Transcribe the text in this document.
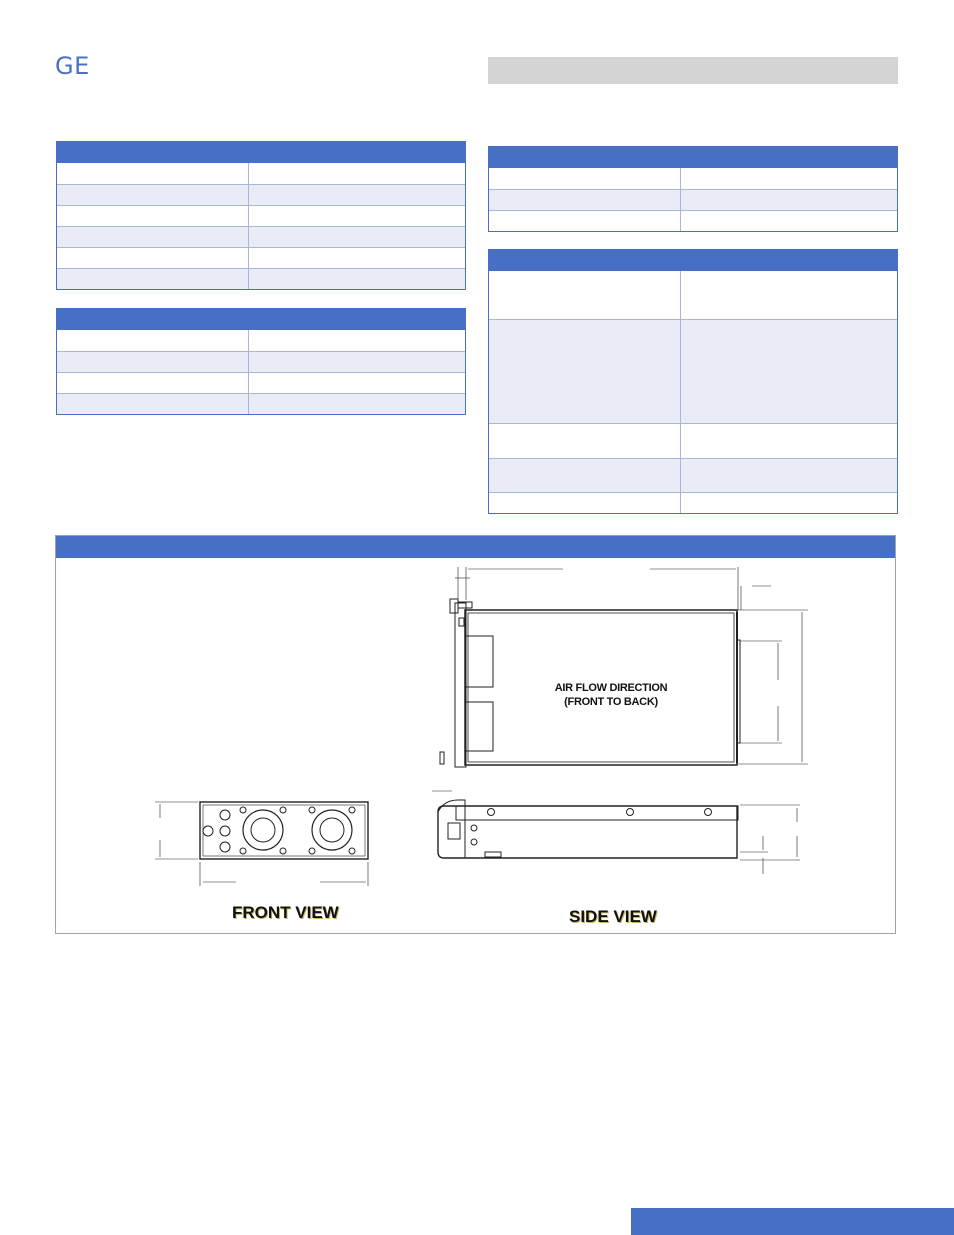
GE
AIR FLOW DIRECTION
(FRONT TO BACK)
FRONT VIEW	SIDE VIEW
